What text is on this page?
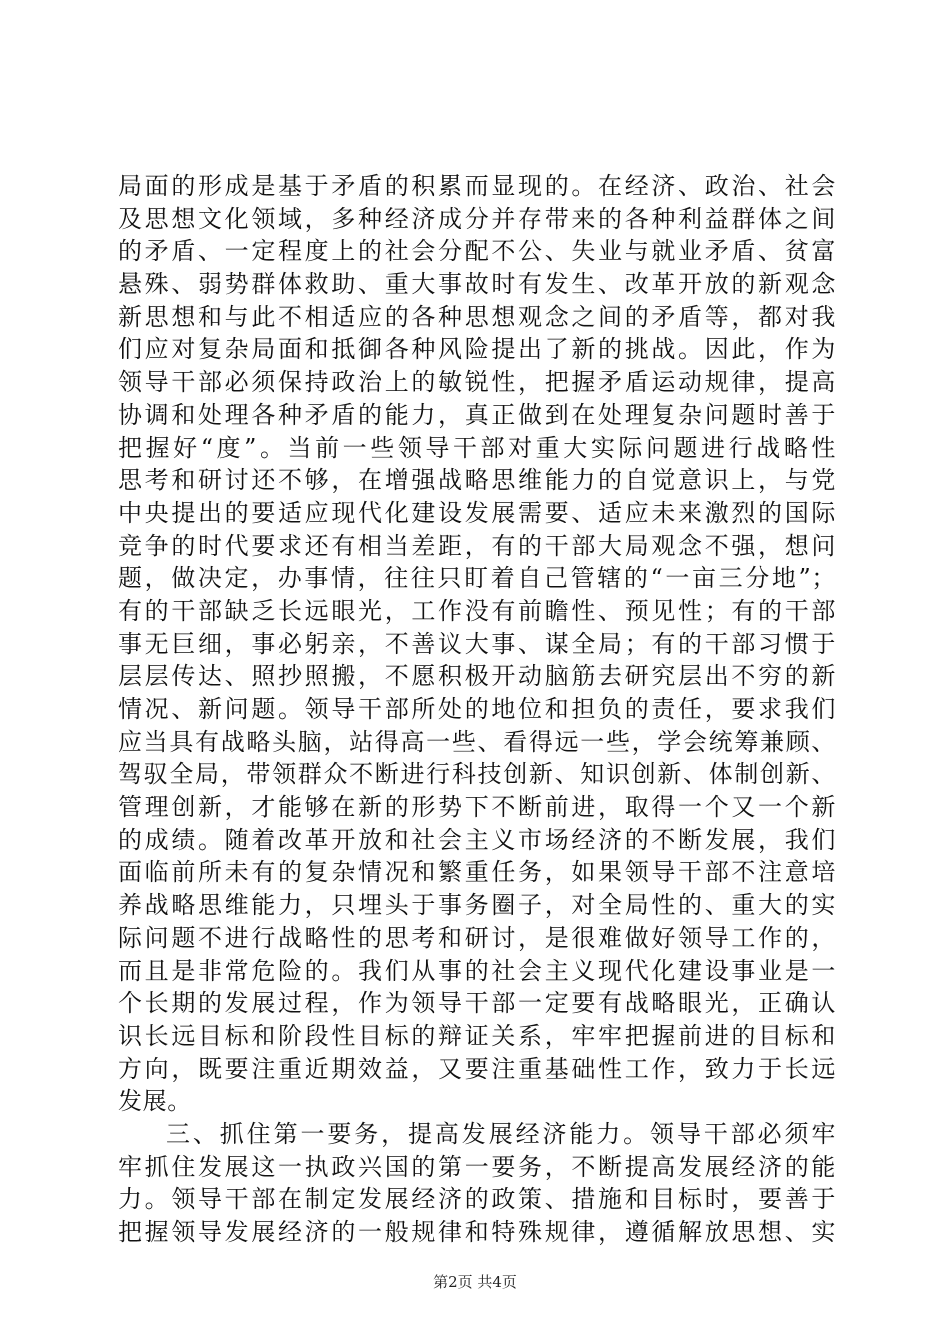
局面的形成是基于矛盾的积累而显现的。在经济、政治、社会
及思想文化领域，多种经济成分并存带来的各种利益群体之间
的矛盾、一定程度上的社会分配不公、失业与就业矛盾、贫富
悬殊、弱势群体救助、重大事故时有发生、改革开放的新观念
新思想和与此不相适应的各种思想观念之间的矛盾等，都对我
们应对复杂局面和抵御各种风险提出了新的挑战。因此，作为
领导干部必须保持政治上的敏锐性，把握矛盾运动规律，提高
协调和处理各种矛盾的能力，真正做到在处理复杂问题时善于
把握好“度”。当前一些领导干部对重大实际问题进行战略性
思考和研讨还不够，在增强战略思维能力的自觉意识上，与党
中央提出的要适应现代化建设发展需要、适应未来激烈的国际
竞争的时代要求还有相当差距，有的干部大局观念不强，想问
题，做决定，办事情，往往只盯着自己管辖的“一亩三分地”；
有的干部缺乏长远眼光，工作没有前瞻性、预见性；有的干部
事无巨细，事必躬亲，不善议大事、谋全局；有的干部习惯于
层层传达、照抄照搬，不愿积极开动脑筋去研究层出不穷的新
情况、新问题。领导干部所处的地位和担负的责任，要求我们
应当具有战略头脑，站得高一些、看得远一些，学会统筹兼顾、
驾驭全局，带领群众不断进行科技创新、知识创新、体制创新、
管理创新，才能够在新的形势下不断前进，取得一个又一个新
的成绩。随着改革开放和社会主义市场经济的不断发展，我们
面临前所未有的复杂情况和繁重任务，如果领导干部不注意培
养战略思维能力，只埋头于事务圈子，对全局性的、重大的实
际问题不进行战略性的思考和研讨，是很难做好领导工作的，
而且是非常危险的。我们从事的社会主义现代化建设事业是一
个长期的发展过程，作为领导干部一定要有战略眼光，正确认
识长远目标和阶段性目标的辩证关系，牢牢把握前进的目标和
方向，既要注重近期效益，又要注重基础性工作，致力于长远
发展。
三、抓住第一要务，提高发展经济能力。领导干部必须牢
牢抓住发展这一执政兴国的第一要务，不断提高发展经济的能
力。领导干部在制定发展经济的政策、措施和目标时，要善于
把握领导发展经济的一般规律和特殊规律，遵循解放思想、实
第2页 共4页
